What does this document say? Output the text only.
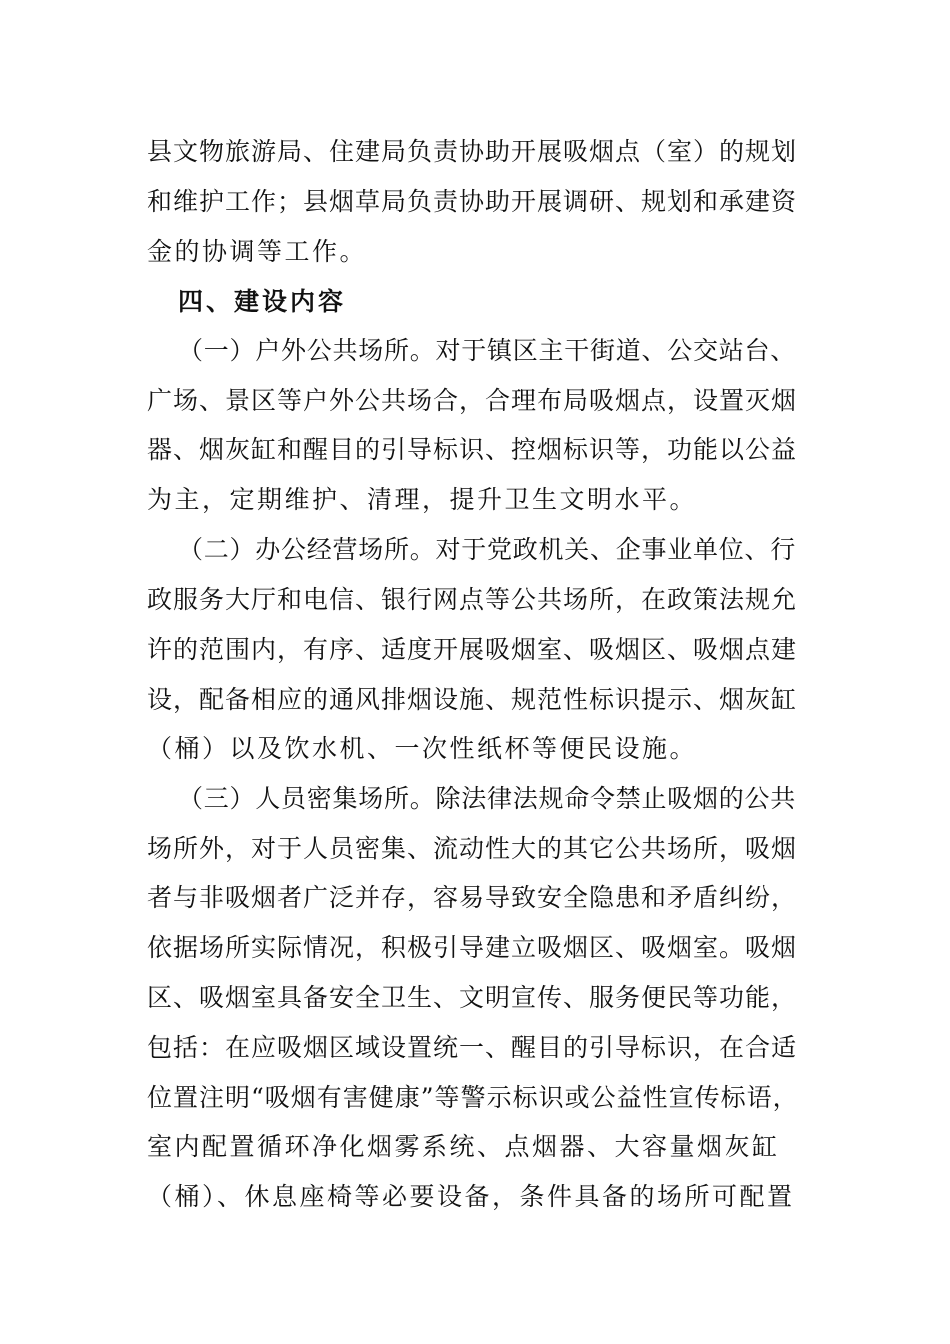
县文物旅游局、住建局负责协助开展吸烟点（室）的规划
和维护工作；县烟草局负责协助开展调研、规划和承建资
金的协调等工作。
四、建设内容
（一）户外公共场所。对于镇区主干街道、公交站台、
广场、景区等户外公共场合，合理布局吸烟点，设置灭烟
器、烟灰缸和醒目的引导标识、控烟标识等，功能以公益
为主，定期维护、清理，提升卫生文明水平。
（二）办公经营场所。对于党政机关、企事业单位、行
政服务大厅和电信、银行网点等公共场所，在政策法规允
许的范围内，有序、适度开展吸烟室、吸烟区、吸烟点建
设，配备相应的通风排烟设施、规范性标识提示、烟灰缸
（桶）以及饮水机、一次性纸杯等便民设施。
（三）人员密集场所。除法律法规命令禁止吸烟的公共
场所外，对于人员密集、流动性大的其它公共场所，吸烟
者与非吸烟者广泛并存，容易导致安全隐患和矛盾纠纷，
依据场所实际情况，积极引导建立吸烟区、吸烟室。吸烟
区、吸烟室具备安全卫生、文明宣传、服务便民等功能，
包括：在应吸烟区域设置统一、醒目的引导标识，在合适
位置注明“吸烟有害健康”等警示标识或公益性宣传标语，
室内配置循环净化烟雾系统、点烟器、大容量烟灰缸
（桶）、休息座椅等必要设备，条件具备的场所可配置
